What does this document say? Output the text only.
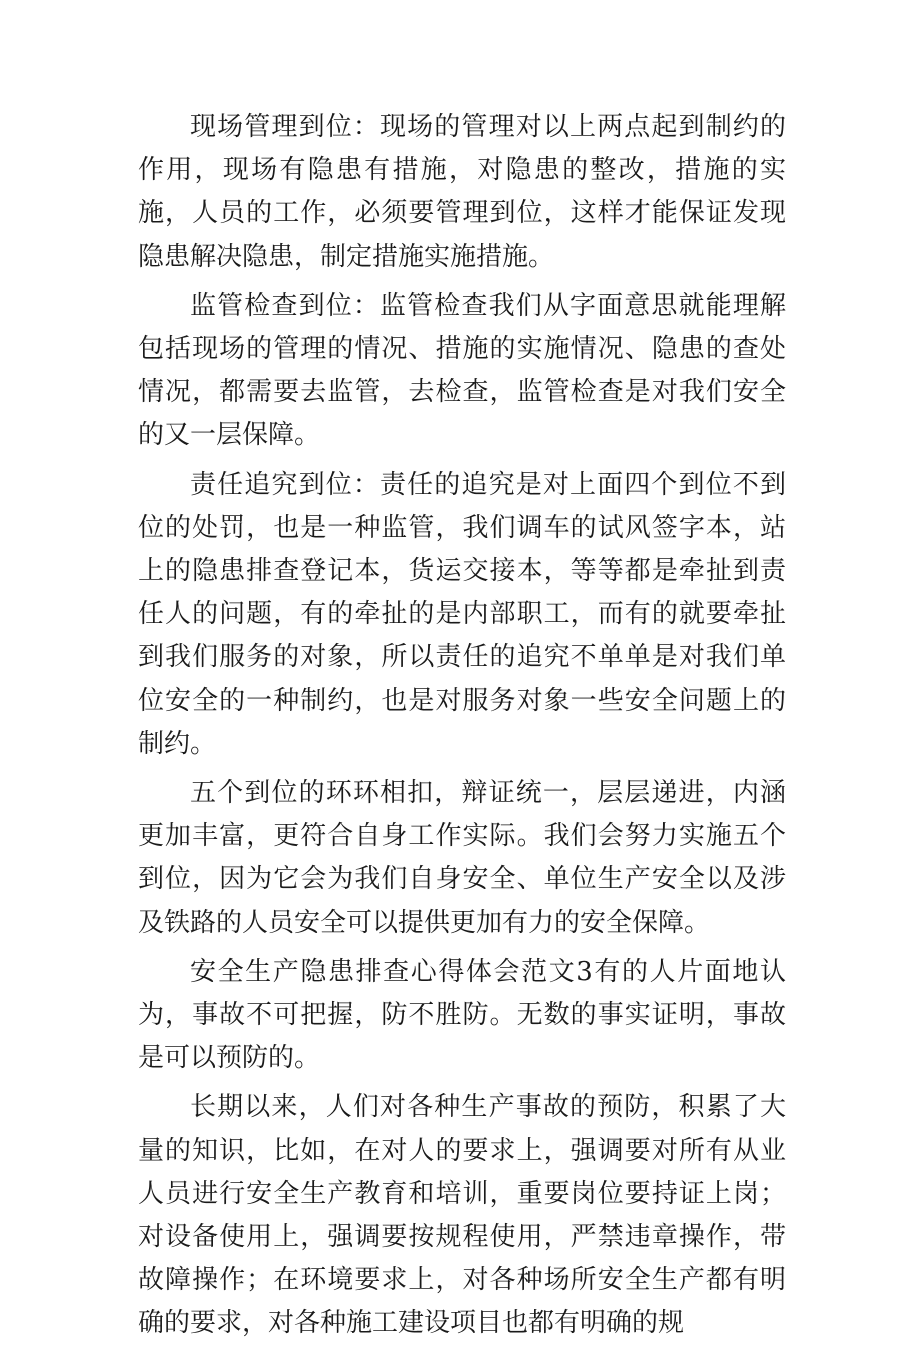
现场管理到位：现场的管理对以上两点起到制约的作用，现场有隐患有措施，对隐患的整改，措施的实施，人员的工作，必须要管理到位，这样才能保证发现隐患解决隐患，制定措施实施措施。

监管检查到位：监管检查我们从字面意思就能理解包括现场的管理的情况、措施的实施情况、隐患的查处情况，都需要去监管，去检查，监管检查是对我们安全的又一层保障。

责任追究到位：责任的追究是对上面四个到位不到位的处罚，也是一种监管，我们调车的试风签字本，站上的隐患排查登记本，货运交接本，等等都是牵扯到责任人的问题，有的牵扯的是内部职工，而有的就要牵扯到我们服务的对象，所以责任的追究不单单是对我们单位安全的一种制约，也是对服务对象一些安全问题上的制约。

五个到位的环环相扣，辩证统一，层层递进，内涵更加丰富，更符合自身工作实际。我们会努力实施五个到位，因为它会为我们自身安全、单位生产安全以及涉及铁路的人员安全可以提供更加有力的安全保障。

安全生产隐患排查心得体会范文3有的人片面地认为，事故不可把握，防不胜防。无数的事实证明，事故是可以预防的。

长期以来，人们对各种生产事故的预防，积累了大量的知识，比如，在对人的要求上，强调要对所有从业人员进行安全生产教育和培训，重要岗位要持证上岗；对设备使用上，强调要按规程使用，严禁违章操作，带故障操作；在环境要求上，对各种场所安全生产都有明确的要求，对各种施工建设项目也都有明确的规
